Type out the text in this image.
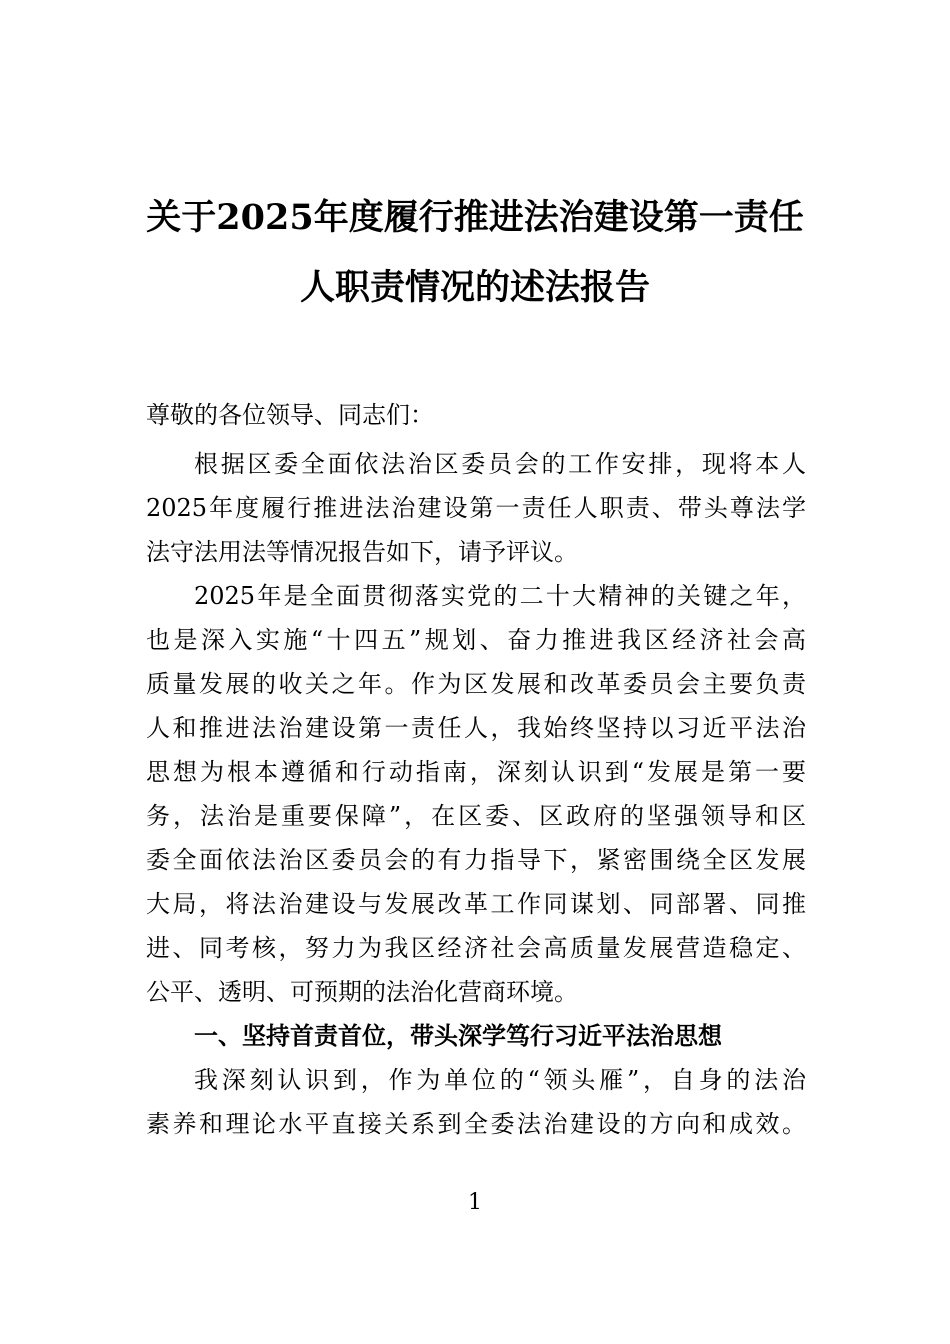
关于2025年度履行推进法治建设第一责任
人职责情况的述法报告
尊敬的各位领导、同志们：
根据区委全面依法治区委员会的工作安排，现将本人
2025年度履行推进法治建设第一责任人职责、带头尊法学
法守法用法等情况报告如下，请予评议。
2025年是全面贯彻落实党的二十大精神的关键之年，
也是深入实施“十四五”规划、奋力推进我区经济社会高
质量发展的收关之年。作为区发展和改革委员会主要负责
人和推进法治建设第一责任人，我始终坚持以习近平法治
思想为根本遵循和行动指南，深刻认识到“发展是第一要
务，法治是重要保障”，在区委、区政府的坚强领导和区
委全面依法治区委员会的有力指导下，紧密围绕全区发展
大局，将法治建设与发展改革工作同谋划、同部署、同推
进、同考核，努力为我区经济社会高质量发展营造稳定、
公平、透明、可预期的法治化营商环境。
一、坚持首责首位，带头深学笃行习近平法治思想
我深刻认识到，作为单位的“领头雁”，自身的法治
素养和理论水平直接关系到全委法治建设的方向和成效。
1
